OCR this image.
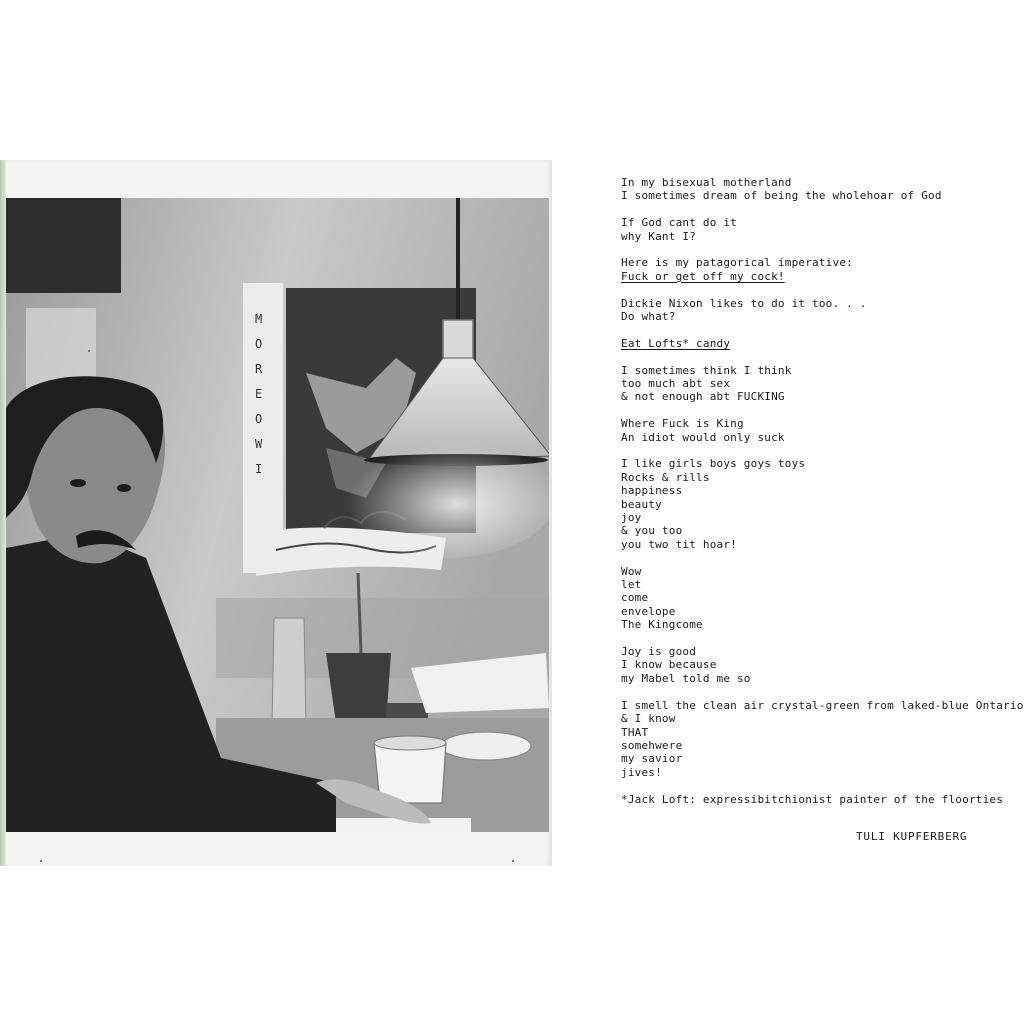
M
O
R
E
O
W
I
In my bisexual motherland
I sometimes dream of being the wholehoar of God
If God cant do it
why Kant I?
Here is my patagorical imperative:
Fuck or get off my cock!
Dickie Nixon likes to do it too. . .
Do what?
Eat Lofts* candy
I sometimes think I think
too much abt sex
& not enough abt FUCKING
Where Fuck is King
An idiot would only suck
I like girls boys goys toys
Rocks & rills
happiness
beauty
joy
& you too
you two tit hoar!
Wow
let
come
envelope
The Kingcome
Joy is good
I know because
my Mabel told me so
I smell the clean air crystal-green from laked-blue Ontario
& I know
THAT
somehwere
my savior
jives!
*Jack Loft: expressibitchionist painter of the floorties
TULI KUPFERBERG
